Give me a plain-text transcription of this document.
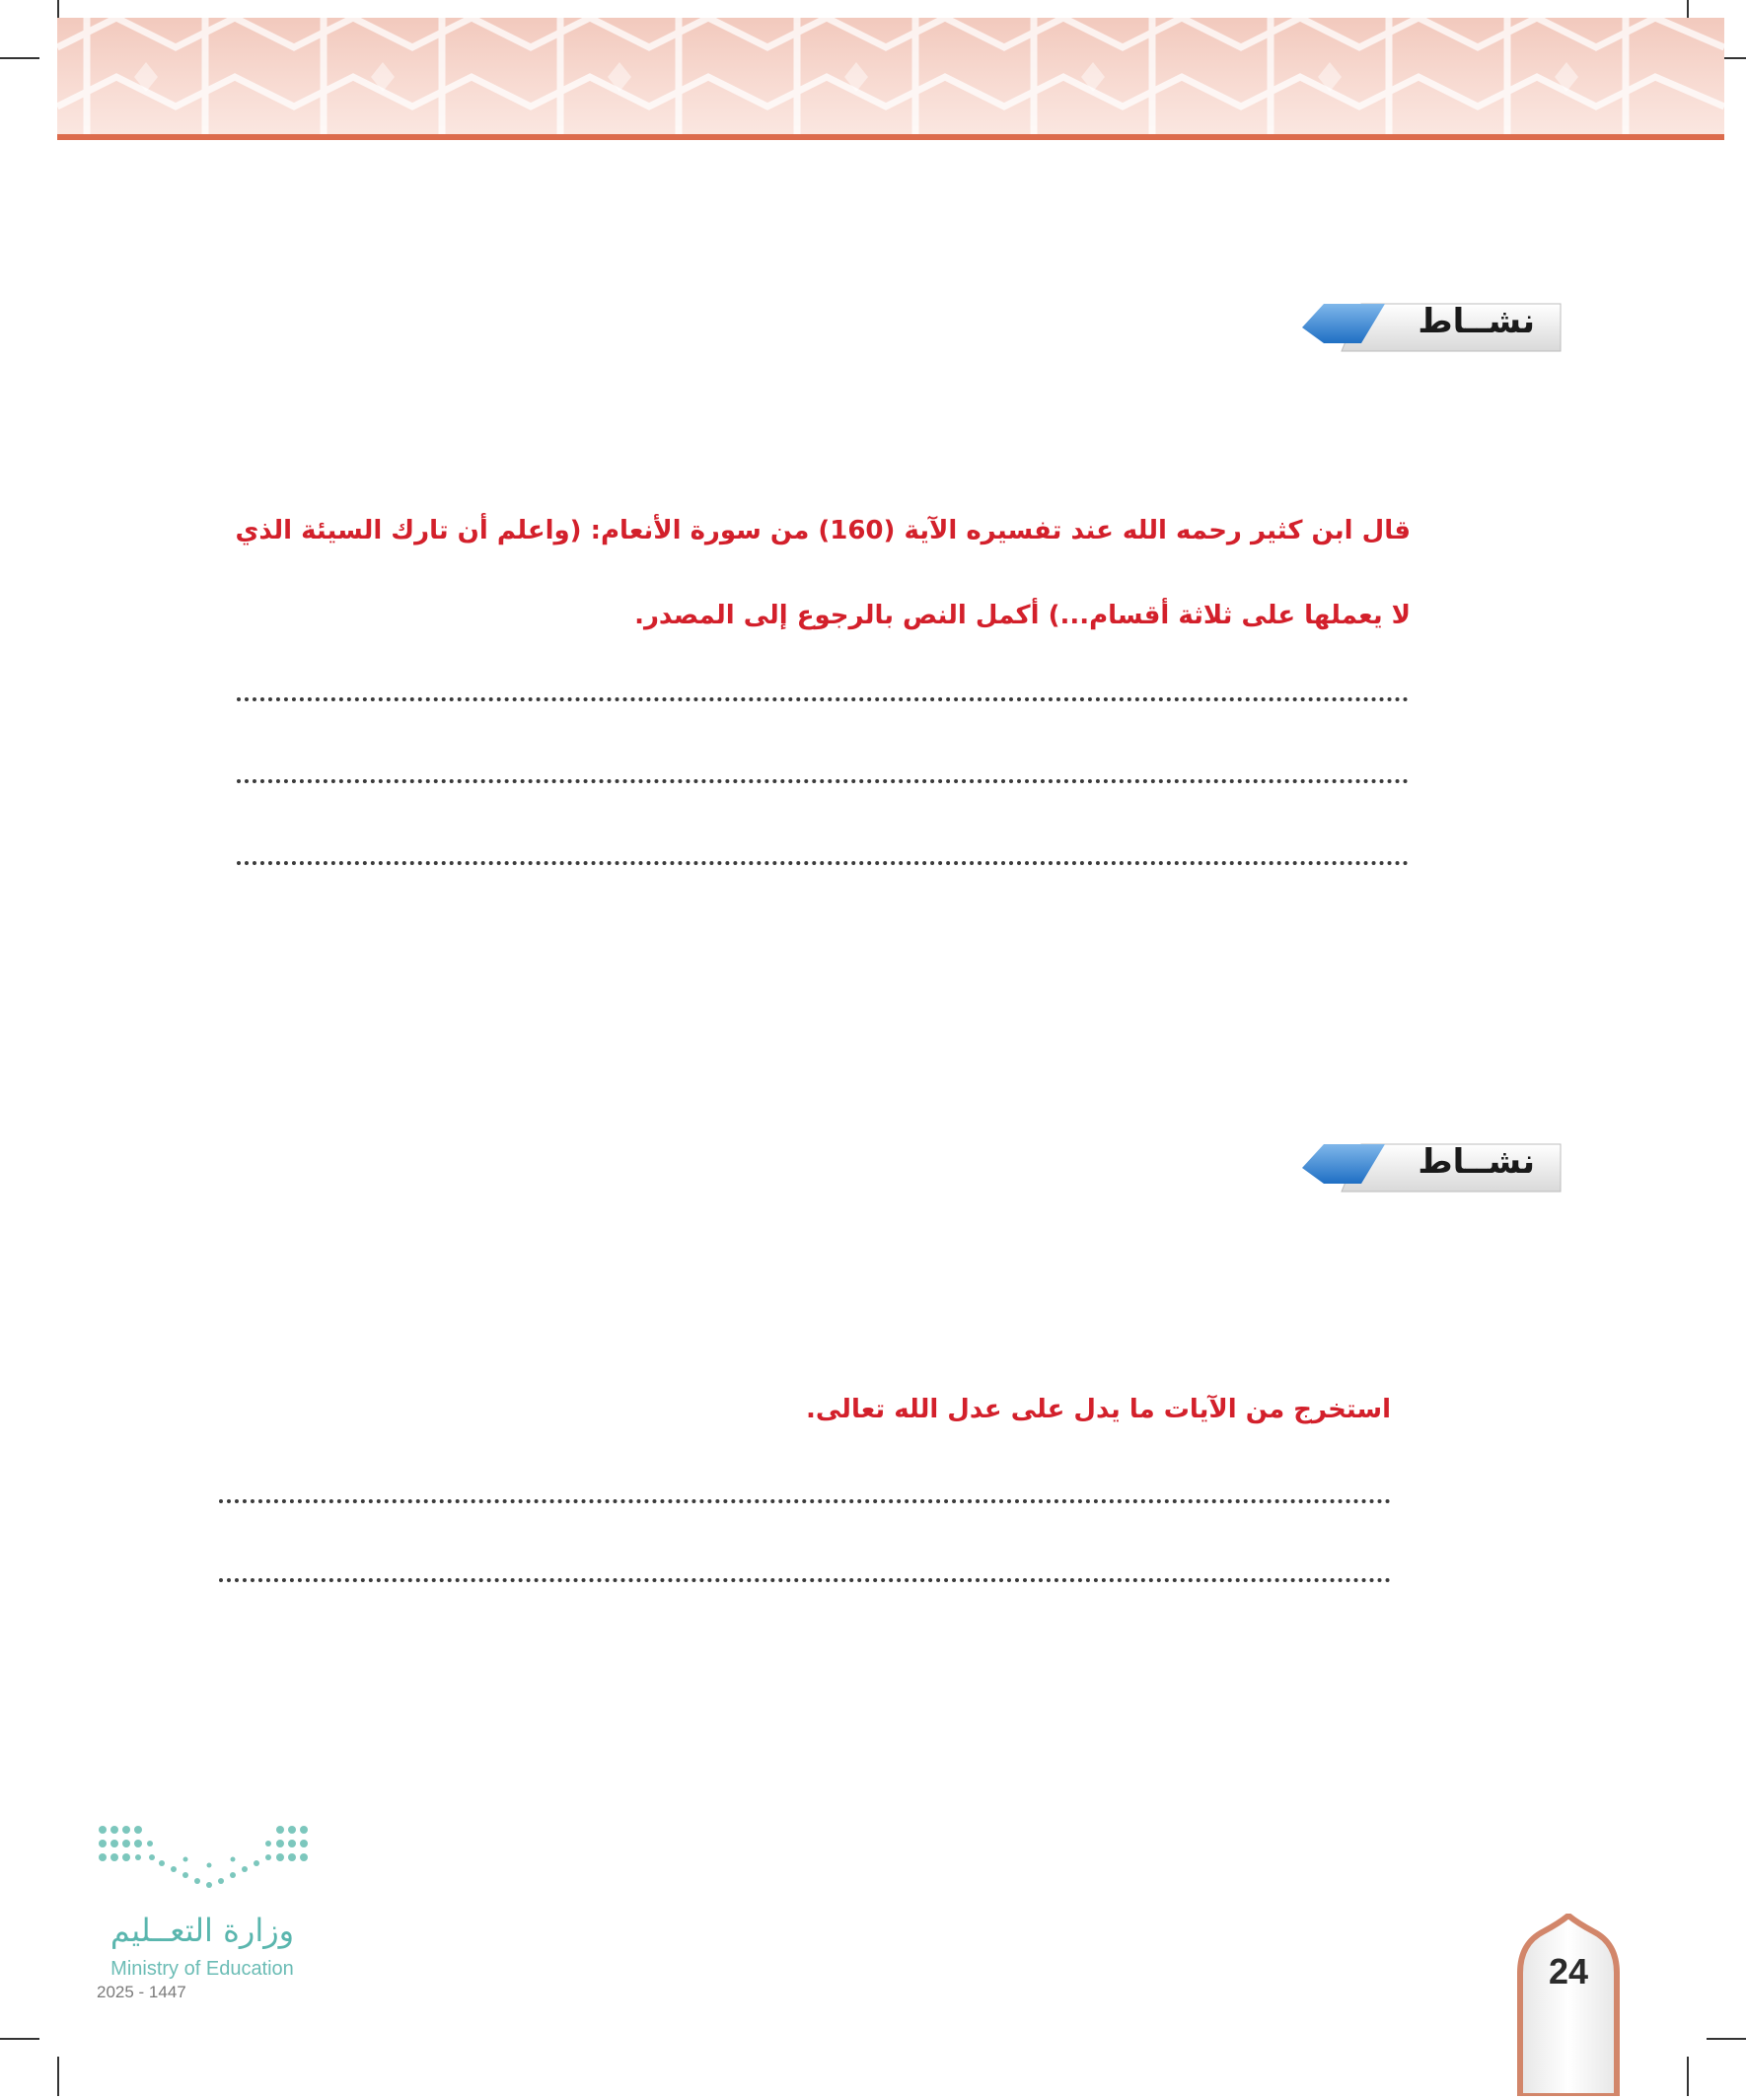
نشــاط
قال ابن كثير رحمه الله عند تفسيره الآية (160) من سورة الأنعام: (واعلم أن تارك السيئة الذي
لا يعملها على ثلاثة أقسام...) أكمل النص بالرجوع إلى المصدر.
نشــاط
استخرج من الآيات ما يدل على عدل الله تعالى.
وزارة التعــليم
Ministry of Education
2025 - 1447
24
